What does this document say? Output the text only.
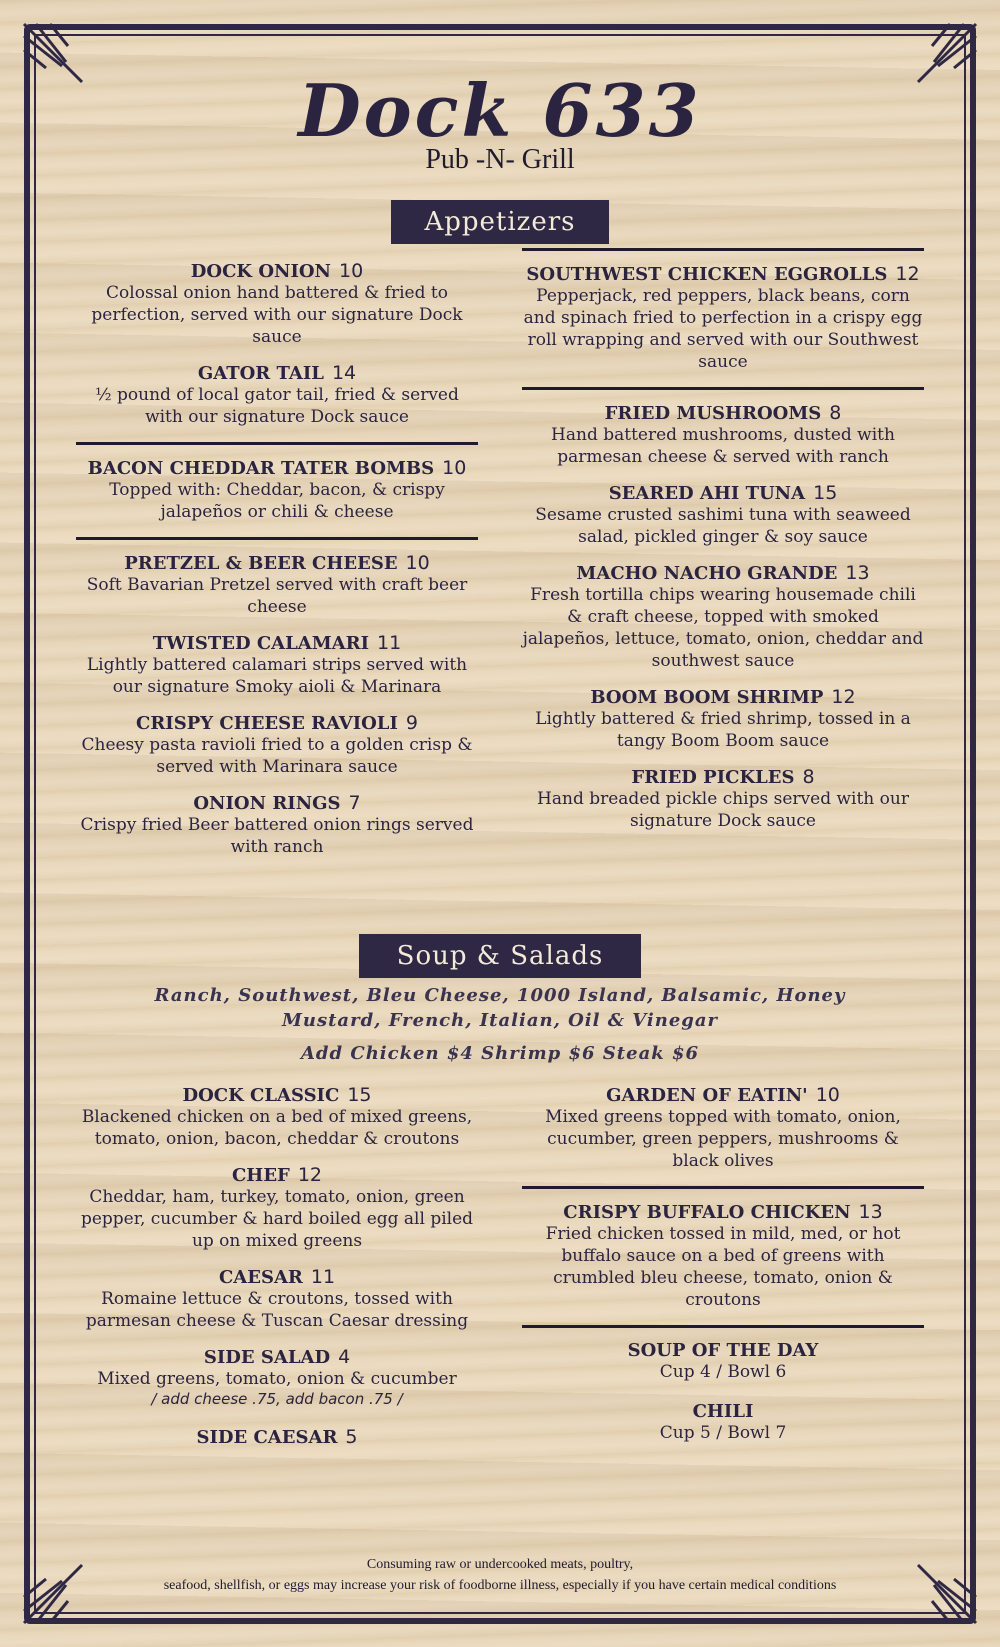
Dock 633
Pub -N- Grill
Appetizers
DOCK ONION 10
Colossal onion hand battered & fried to perfection, served with our signature Dock sauce
GATOR TAIL 14
½ pound of local gator tail, fried & served with our signature Dock sauce
BACON CHEDDAR TATER BOMBS 10
Topped with: Cheddar, bacon, & crispy jalapeños or chili & cheese
PRETZEL & BEER CHEESE 10
Soft Bavarian Pretzel served with craft beer cheese
TWISTED CALAMARI 11
Lightly battered calamari strips served with our signature Smoky aioli & Marinara
CRISPY CHEESE RAVIOLI 9
Cheesy pasta ravioli fried to a golden crisp & served with Marinara sauce
ONION RINGS 7
Crispy fried Beer battered onion rings served with ranch
SOUTHWEST CHICKEN EGGROLLS 12
Pepperjack, red peppers, black beans, corn and spinach fried to perfection in a crispy egg roll wrapping and served with our Southwest sauce
FRIED MUSHROOMS 8
Hand battered mushrooms, dusted with parmesan cheese & served with ranch
SEARED AHI TUNA 15
Sesame crusted sashimi tuna with seaweed salad, pickled ginger & soy sauce
MACHO NACHO GRANDE 13
Fresh tortilla chips wearing housemade chili & craft cheese, topped with smoked jalapeños, lettuce, tomato, onion, cheddar and southwest sauce
BOOM BOOM SHRIMP 12
Lightly battered & fried shrimp, tossed in a tangy Boom Boom sauce
FRIED PICKLES 8
Hand breaded pickle chips served with our signature Dock sauce
Soup & Salads
Ranch, Southwest, Bleu Cheese, 1000 Island, Balsamic, Honey
Mustard, French, Italian, Oil & Vinegar
Add Chicken $4 Shrimp $6 Steak $6
DOCK CLASSIC 15
Blackened chicken on a bed of mixed greens, tomato, onion, bacon, cheddar & croutons
CHEF 12
Cheddar, ham, turkey, tomato, onion, green pepper, cucumber & hard boiled egg all piled up on mixed greens
CAESAR 11
Romaine lettuce & croutons, tossed with parmesan cheese & Tuscan Caesar dressing
SIDE SALAD 4
Mixed greens, tomato, onion & cucumber
/ add cheese .75, add bacon .75 /
SIDE CAESAR 5
GARDEN OF EATIN' 10
Mixed greens topped with tomato, onion, cucumber, green peppers, mushrooms & black olives
CRISPY BUFFALO CHICKEN 13
Fried chicken tossed in mild, med, or hot buffalo sauce on a bed of greens with crumbled bleu cheese, tomato, onion & croutons
SOUP OF THE DAY
Cup 4 / Bowl 6
CHILI
Cup 5 / Bowl 7
Consuming raw or undercooked meats, poultry,
seafood, shellfish, or eggs may increase your risk of foodborne illness, especially if you have certain medical conditions
